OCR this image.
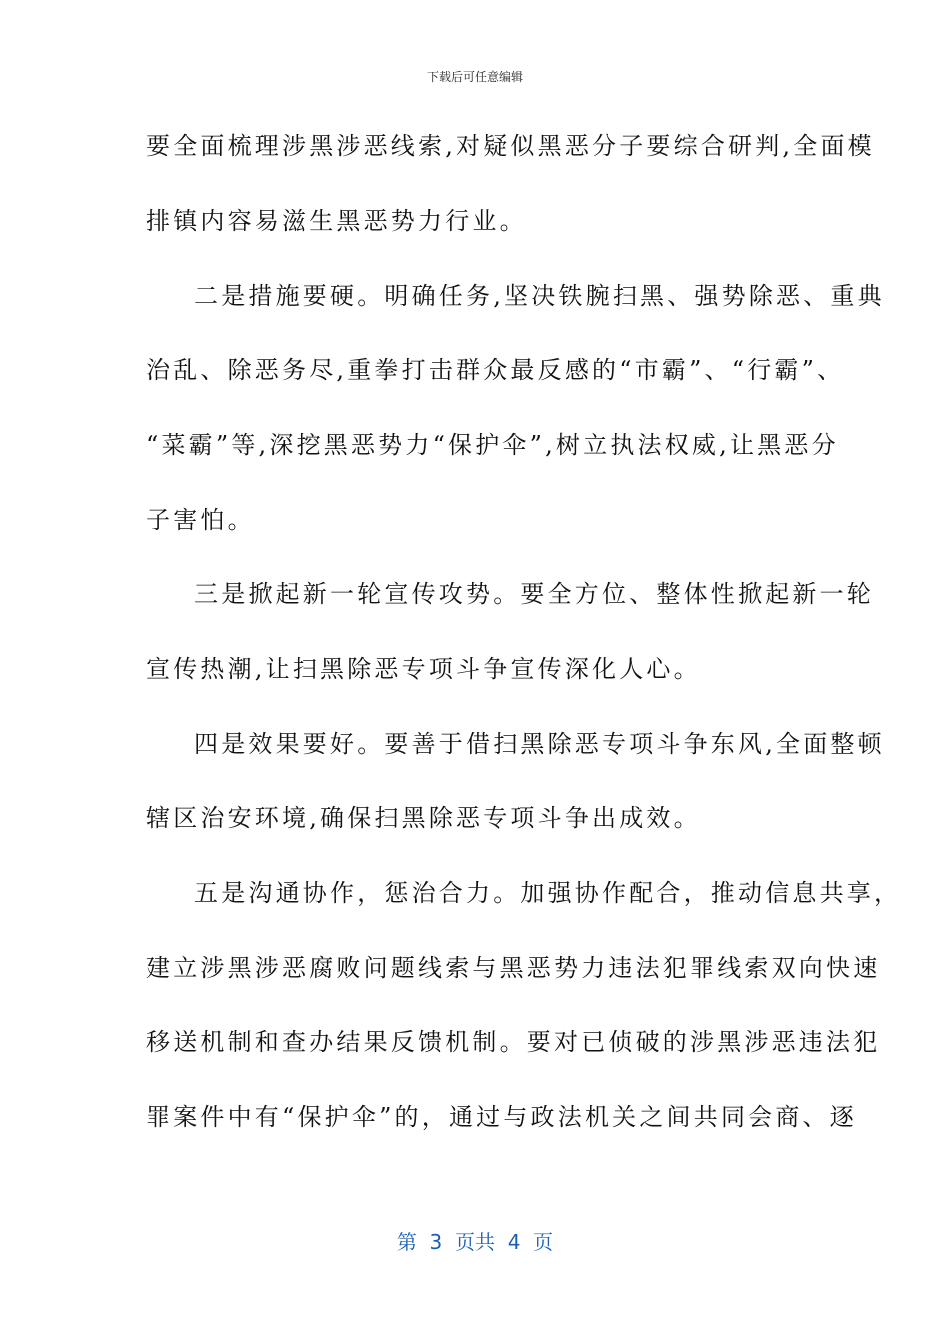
下载后可任意编辑
要全面梳理涉黑涉恶线索,对疑似黑恶分子要综合研判,全面模
排镇内容易滋生黑恶势力行业。
二是措施要硬。明确任务,坚决铁腕扫黑、强势除恶、重典
治乱、除恶务尽,重拳打击群众最反感的“市霸”、“行霸”、
“菜霸”等,深挖黑恶势力“保护伞”,树立执法权威,让黑恶分
子害怕。
三是掀起新一轮宣传攻势。要全方位、整体性掀起新一轮
宣传热潮,让扫黑除恶专项斗争宣传深化人心。
四是效果要好。要善于借扫黑除恶专项斗争东风,全面整顿
辖区治安环境,确保扫黑除恶专项斗争出成效。
五是沟通协作，惩治合力。加强协作配合，推动信息共享，
建立涉黑涉恶腐败问题线索与黑恶势力违法犯罪线索双向快速
移送机制和查办结果反馈机制。要对已侦破的涉黑涉恶违法犯
罪案件中有“保护伞”的，通过与政法机关之间共同会商、逐
第  3  页共  4  页
